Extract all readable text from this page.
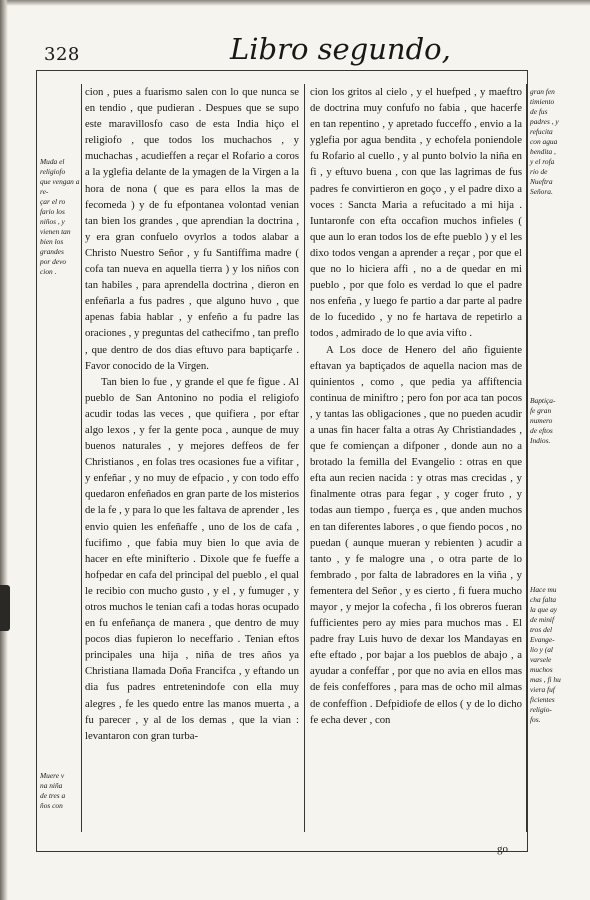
328	Libro segundo,

cion , pues a fuarismo salen con lo que nunca se en tendio , que pudieran . Despues que se supo este maravillosfo caso de esta India hiço el religiofo , que todos los muchachos , y muchachas , acudieffen a reçar el Rofario a coros a la yglefia delante de la ymagen de la Virgen a la hora de nona ( que es para ellos la mas de fecomeda ) y de fu efpontanea volontad venian tan bien los grandes , que aprendian la doctrina , y era gran confuelo ovyrlos a todos alabar a Christo Nuestro Señor , y fu Santiffima madre ( cofa tan nueva en aquella tierra ) y los niños con tan habiles , para aprendella doctrina , dieron en enfeñarla a fus padres , que alguno huvo , que apenas fabia hablar , y enfeño a fu padre las oraciones , y preguntas del cathecifmo , tan preflo , que dentro de dos dias eftuvo para baptiçarfe . Favor conocido de la Virgen.

Tan bien lo fue , y grande el que fe figue . Al pueblo de San Antonino no podia el religiofo acudir todas las veces , que quifiera , por eftar algo lexos , y fer la gente poca , aunque de muy buenos naturales , y mejores deffeos de fer Christianos , en folas tres ocasiones fue a vifitar , y enfeñar , y no muy de efpacio , y con todo effo quedaron enfeñados en gran parte de los misterios de la fe , y para lo que les faltava de aprender , les envio quien les enfeñaffe , uno de los de cafa , fucifimo , que fabia muy bien lo que avia de hacer en efte minifterio . Dixole que fe fueffe a hofpedar en cafa del principal del pueblo , el qual le recibio con mucho gusto , y el , y fumuger , y otros muchos le tenian cafi a todas horas ocupado en fu enfeñança de manera , que dentro de muy pocos dias fupieron lo neceffario . Tenian eftos principales una hija , niña de tres años ya Christiana llamada Doña Francifca , y eftando un dia fus padres entretenindofe con ella muy alegres , fe les quedo entre las manos muerta , a fu parecer , y al de los demas , que la vian : levantaron con gran turba-

cion los gritos al cielo , y el huefped , y maeftro de doctrina muy confufo no fabia , que hacerfe en tan repentino , y apretado fucceffo , envio a la yglefia por agua bendita , y echofela poniendole fu Rofario al cuello , y al punto bolvio la niña en fi , y eftuvo buena , con que las lagrimas de fus padres fe convirtieron en goço , y el padre dixo a voces : Sancta Maria a refucitado a mi hija . Iuntaronfe con efta occafion muchos infieles ( que aun lo eran todos los de efte pueblo ) y el les dixo todos vengan a aprender a reçar , por que el que no lo hiciera affi , no a de quedar en mi pueblo , por que folo es verdad lo que el padre nos enfeña , y luego fe partio a dar parte al padre de lo fucedido , y no fe hartava de repetirlo a todos , admirado de lo que avia vifto .

A Los doce de Henero del año figuiente eftavan ya baptiçados de aquella nacion mas de quinientos , como , que pedia ya affiftencia continua de miniftro ; pero fon por aca tan pocos , y tantas las obligaciones , que no pueden acudir a unas fin hacer falta a otras Ay Christiandades , que fe comiençan a difponer , donde aun no a brotado la femilla del Evangelio : otras en que efta aun recien nacida : y otras mas crecidas , y finalmente otras para fegar , y coger fruto , y todas aun tiempo , fuerça es , que anden muchos en tan diferentes labores , o que fiendo pocos , no puedan ( aunque mueran y rebienten ) acudir a tanto , y fe malogre una , o otra parte de lo fembrado , por falta de labradores en la viña , y fementera del Señor , y es cierto , fi fuera mucho mayor , y mejor la cofecha , fi los obreros fueran fufficientes pero ay mies para muchos mas . El padre fray Luis huvo de dexar los Mandayas en efte eftado , por bajar a los pueblos de abajo , a ayudar a confeffar , por que no avia en ellos mas de feis confeffores , para mas de ocho mil almas de confeffion . Defpidiofe de ellos ( y de lo dicho fe echa dever , con

Muda el
religiofo
que vengan a re-
çar el ro
fario los
niños , y
vienen tan
bien los
grandes
por devo
cion .
Muere v
na niña
de tres a
ños con
gran fen
timiento
de fus
padres , y
refucita
con agua
bendita ,
y el rofa
rio de
Nueftra
Señora.
Baptiça-
fe gran
numero
de eftos
Indios.
Hace mu
cha falta
la que ay
de minif
tros del
Evange-
lio y (al
varsele
muchos
mas , fi hu
viera fuf
ficientes
religio-
fos.
go
